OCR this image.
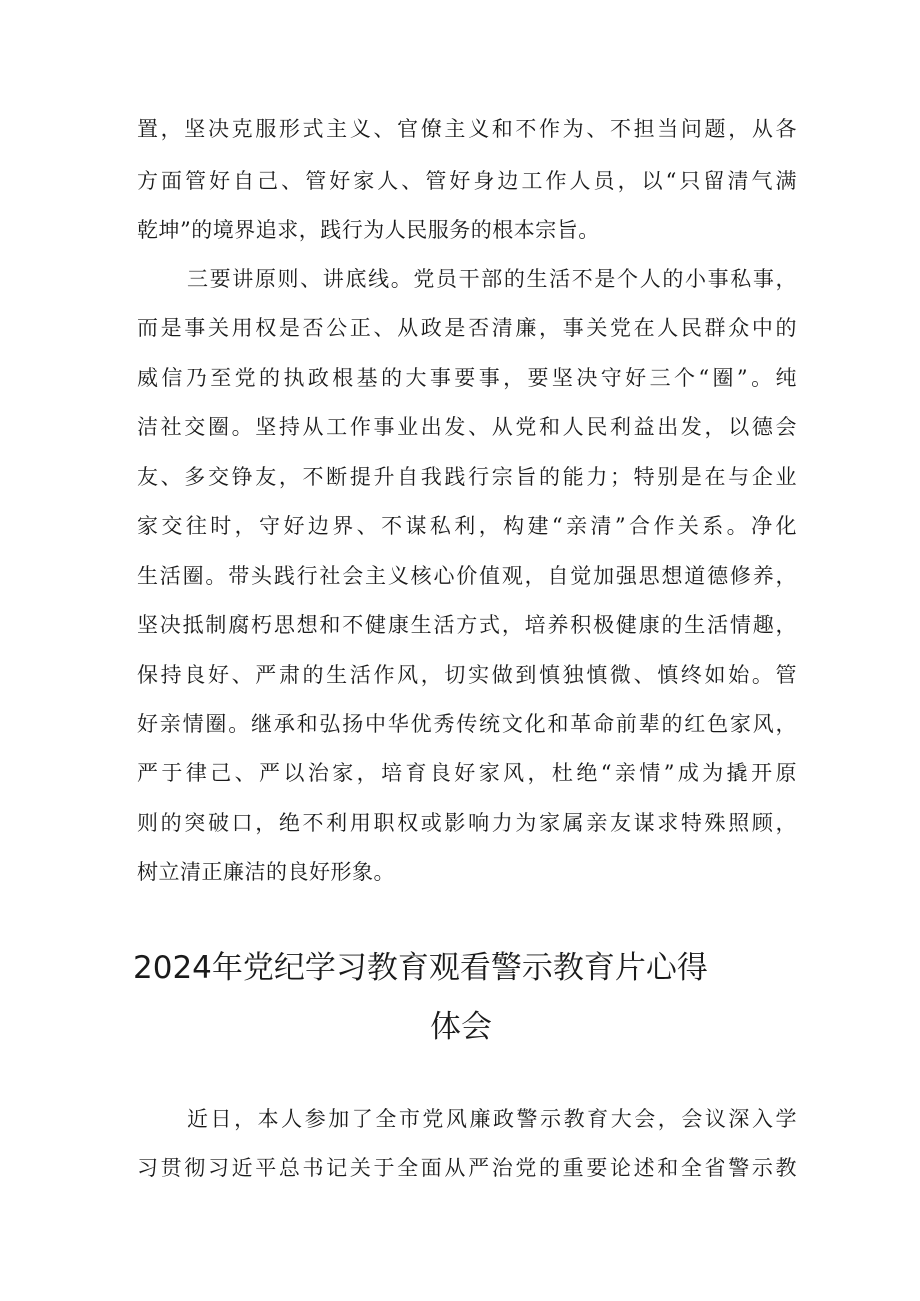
置，坚决克服形式主义、官僚主义和不作为、不担当问题，从各
方面管好自己、管好家人、管好身边工作人员，以“只留清气满
乾坤”的境界追求，践行为人民服务的根本宗旨。
三要讲原则、讲底线。党员干部的生活不是个人的小事私事，
而是事关用权是否公正、从政是否清廉，事关党在人民群众中的
威信乃至党的执政根基的大事要事，要坚决守好三个“圈”。纯
洁社交圈。坚持从工作事业出发、从党和人民利益出发，以德会
友、多交铮友，不断提升自我践行宗旨的能力；特别是在与企业
家交往时，守好边界、不谋私利，构建“亲清”合作关系。净化
生活圈。带头践行社会主义核心价值观，自觉加强思想道德修养，
坚决抵制腐朽思想和不健康生活方式，培养积极健康的生活情趣，
保持良好、严肃的生活作风，切实做到慎独慎微、慎终如始。管
好亲情圈。继承和弘扬中华优秀传统文化和革命前辈的红色家风，
严于律己、严以治家，培育良好家风，杜绝“亲情”成为撬开原
则的突破口，绝不利用职权或影响力为家属亲友谋求特殊照顾，
树立清正廉洁的良好形象。
2024年党纪学习教育观看警示教育片心得
体会
近日，本人参加了全市党风廉政警示教育大会，会议深入学
习贯彻习近平总书记关于全面从严治党的重要论述和全省警示教
